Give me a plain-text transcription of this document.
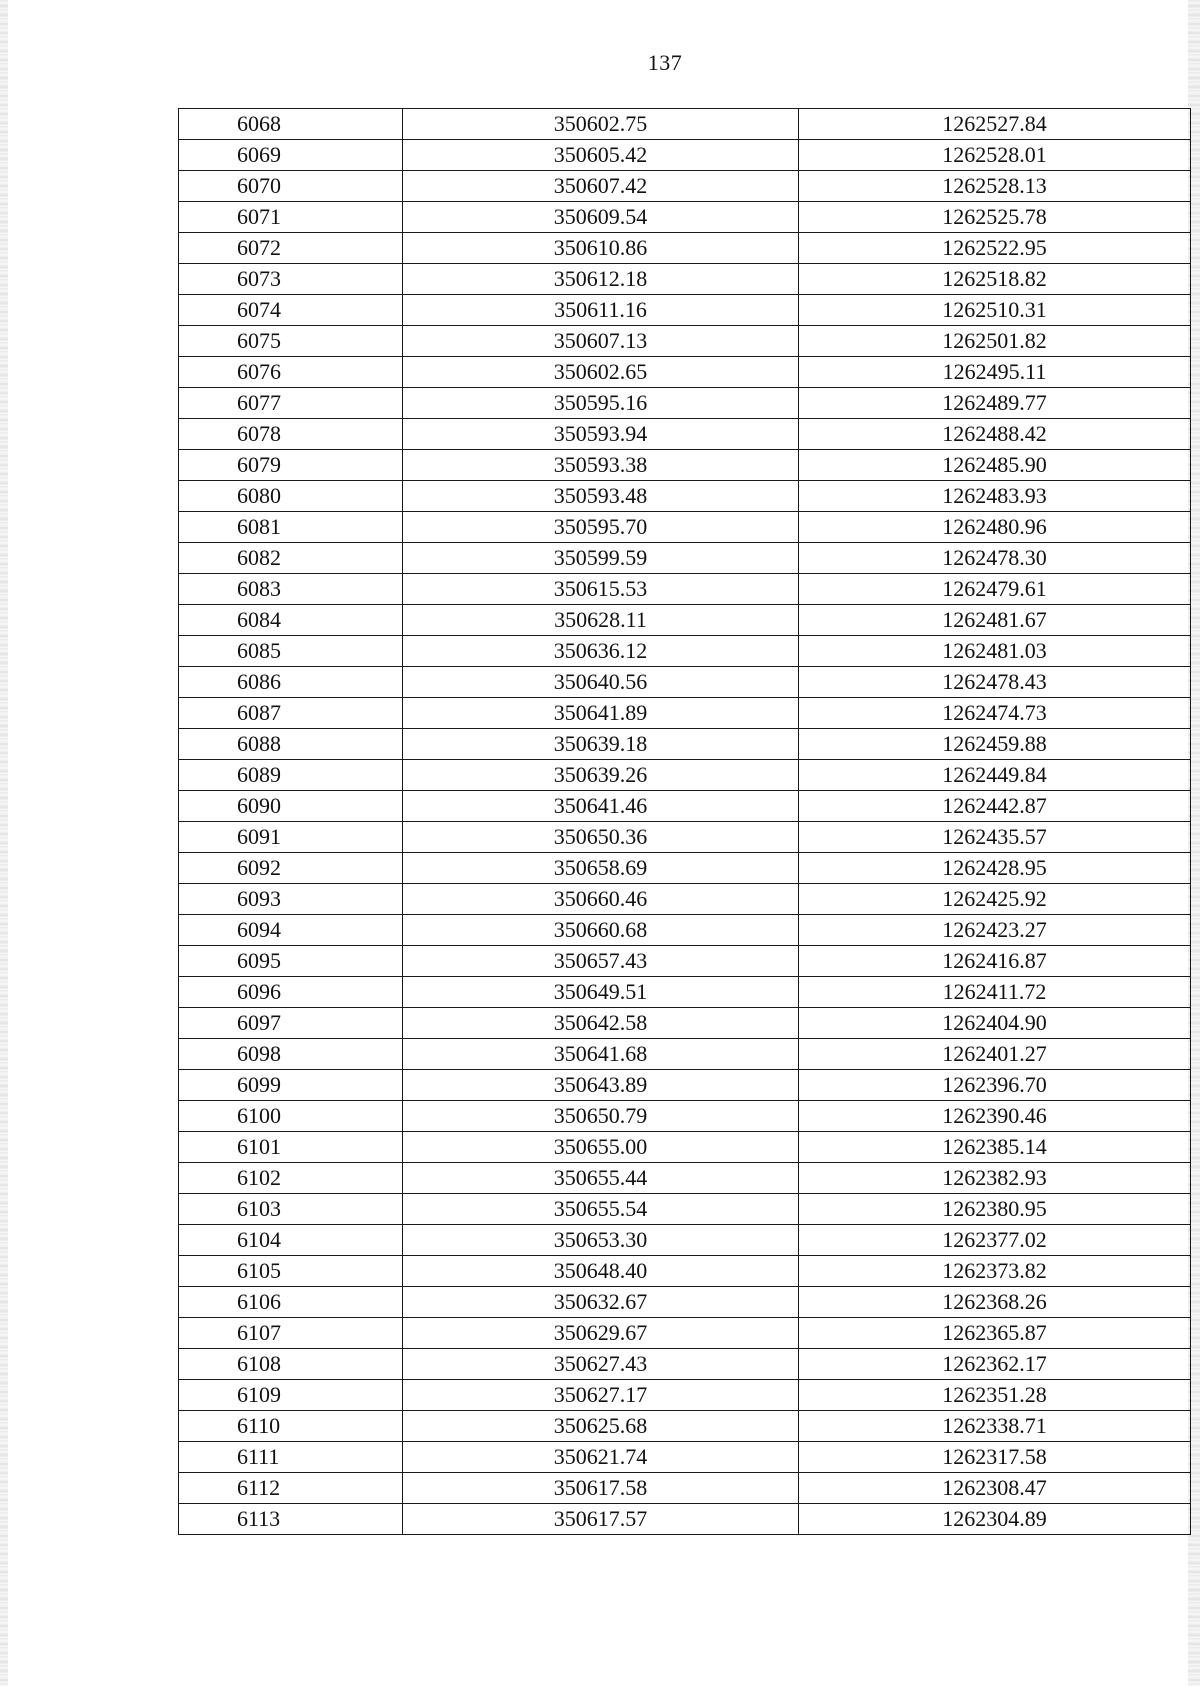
137
6068	350602.75	1262527.84
6069	350605.42	1262528.01
6070	350607.42	1262528.13
6071	350609.54	1262525.78
6072	350610.86	1262522.95
6073	350612.18	1262518.82
6074	350611.16	1262510.31
6075	350607.13	1262501.82
6076	350602.65	1262495.11
6077	350595.16	1262489.77
6078	350593.94	1262488.42
6079	350593.38	1262485.90
6080	350593.48	1262483.93
6081	350595.70	1262480.96
6082	350599.59	1262478.30
6083	350615.53	1262479.61
6084	350628.11	1262481.67
6085	350636.12	1262481.03
6086	350640.56	1262478.43
6087	350641.89	1262474.73
6088	350639.18	1262459.88
6089	350639.26	1262449.84
6090	350641.46	1262442.87
6091	350650.36	1262435.57
6092	350658.69	1262428.95
6093	350660.46	1262425.92
6094	350660.68	1262423.27
6095	350657.43	1262416.87
6096	350649.51	1262411.72
6097	350642.58	1262404.90
6098	350641.68	1262401.27
6099	350643.89	1262396.70
6100	350650.79	1262390.46
6101	350655.00	1262385.14
6102	350655.44	1262382.93
6103	350655.54	1262380.95
6104	350653.30	1262377.02
6105	350648.40	1262373.82
6106	350632.67	1262368.26
6107	350629.67	1262365.87
6108	350627.43	1262362.17
6109	350627.17	1262351.28
6110	350625.68	1262338.71
6111	350621.74	1262317.58
6112	350617.58	1262308.47
6113	350617.57	1262304.89
